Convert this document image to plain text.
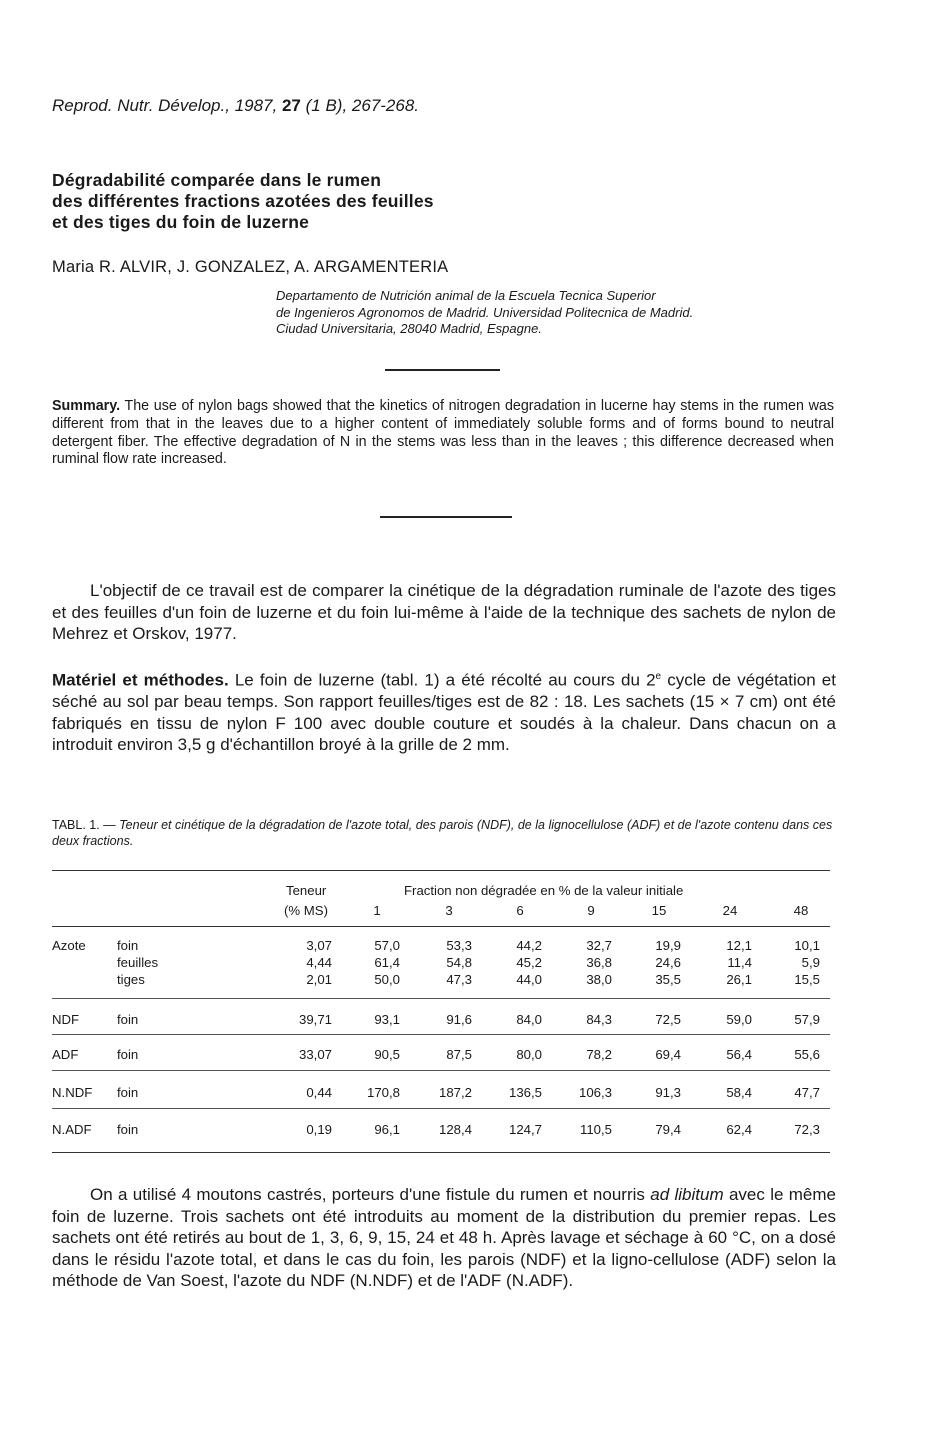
Reprod. Nutr. Dévelop., 1987, 27 (1 B), 267-268.
Dégradabilité comparée dans le rumen
des différentes fractions azotées des feuilles
et des tiges du foin de luzerne
Maria R. ALVIR, J. GONZALEZ, A. ARGAMENTERIA
Departamento de Nutrición animal de la Escuela Tecnica Superior
de Ingenieros Agronomos de Madrid. Universidad Politecnica de Madrid.
Ciudad Universitaria, 28040 Madrid, Espagne.
Summary. The use of nylon bags showed that the kinetics of nitrogen degradation in lucerne hay stems in the rumen was different from that in the leaves due to a higher content of immediately soluble forms and of forms bound to neutral detergent fiber. The effective degradation of N in the stems was less than in the leaves ; this difference decreased when ruminal flow rate increased.
L'objectif de ce travail est de comparer la cinétique de la dégradation ruminale de l'azote des tiges et des feuilles d'un foin de luzerne et du foin lui-même à l'aide de la technique des sachets de nylon de Mehrez et Orskov, 1977.
Matériel et méthodes. Le foin de luzerne (tabl. 1) a été récolté au cours du 2e cycle de végétation et séché au sol par beau temps. Son rapport feuilles/tiges est de 82 : 18. Les sachets (15 × 7 cm) ont été fabriqués en tissu de nylon F 100 avec double couture et soudés à la chaleur. Dans chacun on a introduit environ 3,5 g d'échantillon broyé à la grille de 2 mm.
TABL. 1. — Teneur et cinétique de la dégradation de l'azote total, des parois (NDF), de la lignocellulose (ADF) et de l'azote contenu dans ces deux fractions.
Teneur
(% MS)
Fraction non dégradée en % de la valeur initiale
1	3	6	9	15	24	48
Azote foin	3,07	57,0	53,3	44,2	32,7	19,9	12,1	10,1
feuilles	4,44	61,4	54,8	45,2	36,8	24,6	11,4	5,9
tiges	2,01	50,0	47,3	44,0	38,0	35,5	26,1	15,5
NDF	foin	39,71	93,1	91,6	84,0	84,3	72,5	59,0	57,9
ADF	foin	33,07	90,5	87,5	80,0	78,2	69,4	56,4	55,6
N.NDF foin	0,44	170,8	187,2	136,5	106,3	91,3	58,4	47,7
N.ADF foin	0,19	96,1	128,4	124,7	110,5	79,4	62,4	72,3
On a utilisé 4 moutons castrés, porteurs d'une fistule du rumen et nourris ad libitum avec le même foin de luzerne. Trois sachets ont été introduits au moment de la distribution du premier repas. Les sachets ont été retirés au bout de 1, 3, 6, 9, 15, 24 et 48 h. Après lavage et séchage à 60 °C, on a dosé dans le résidu l'azote total, et dans le cas du foin, les parois (NDF) et la ligno-cellulose (ADF) selon la méthode de Van Soest, l'azote du NDF (N.NDF) et de l'ADF (N.ADF).
